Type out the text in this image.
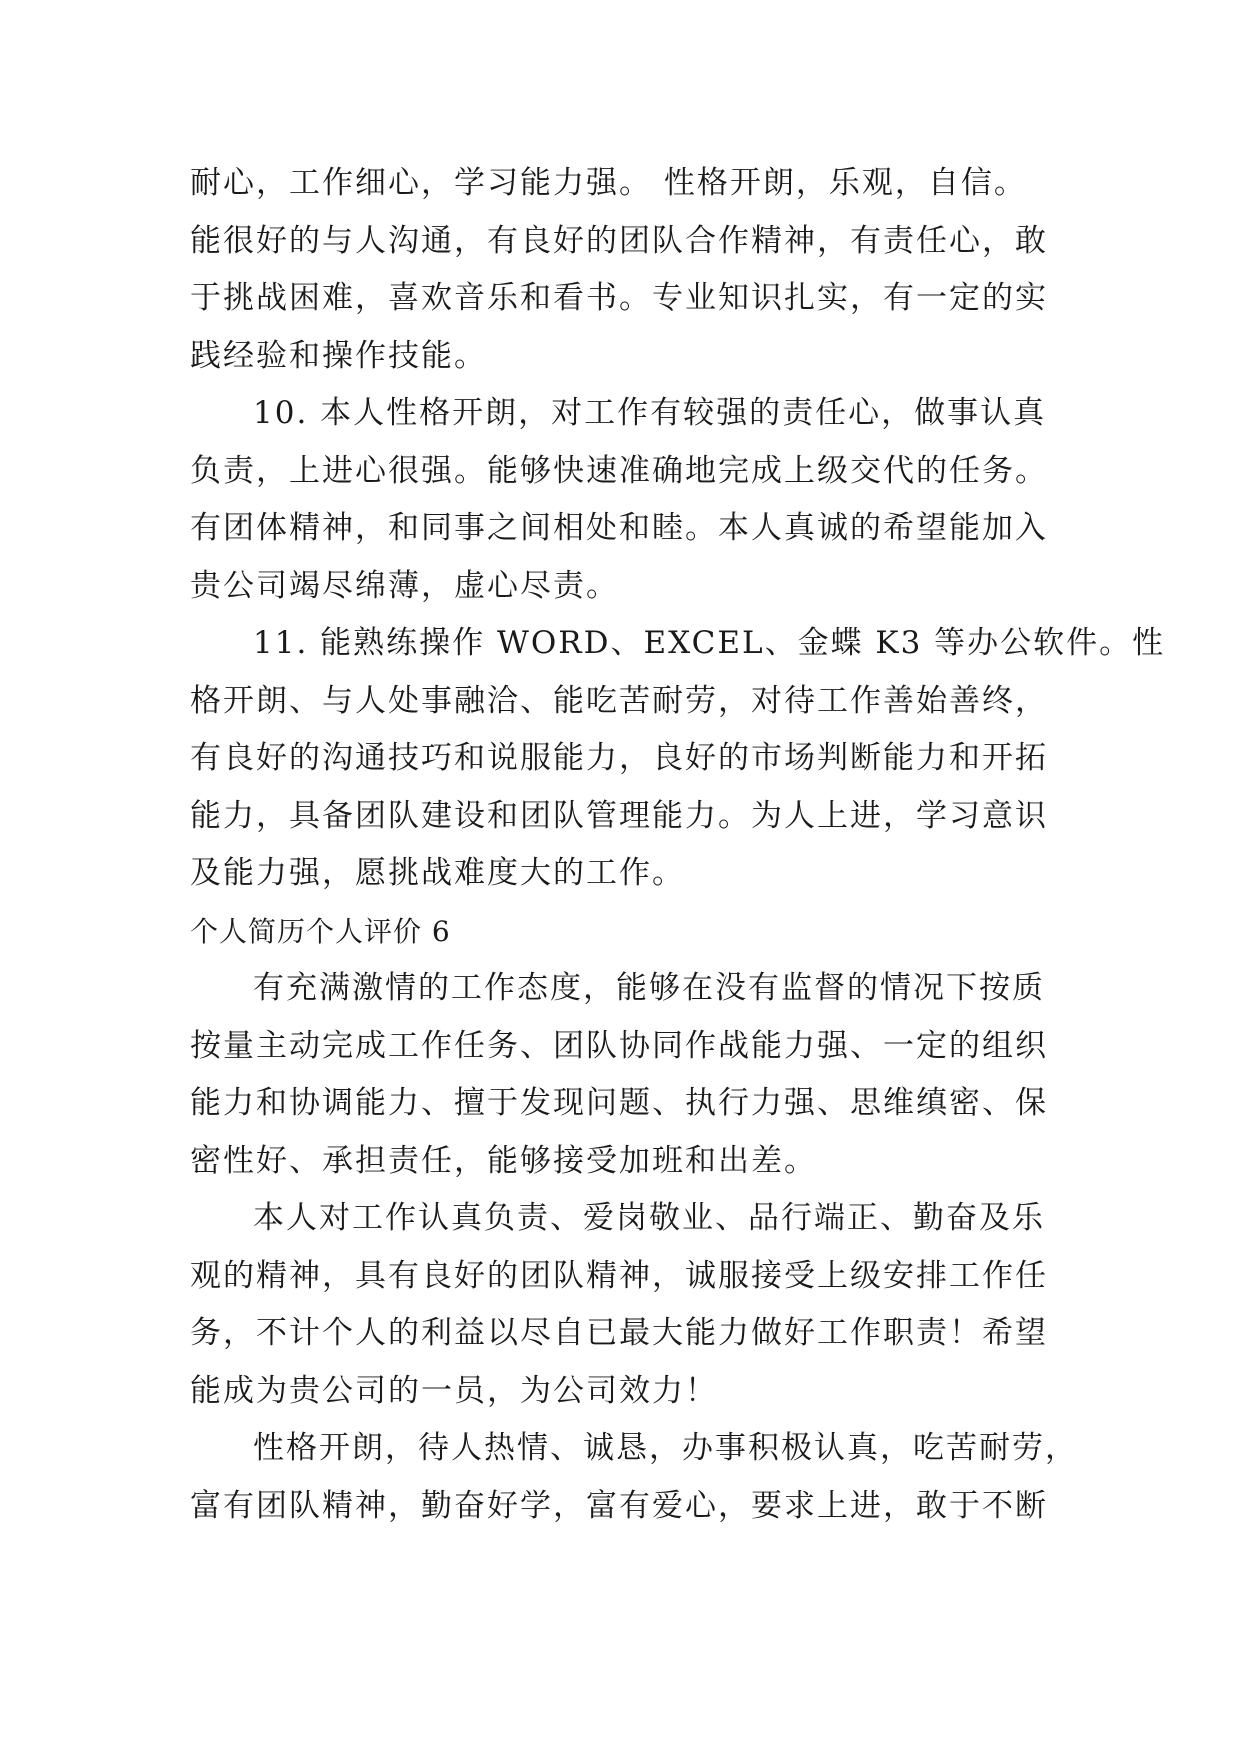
耐心，工作细心，学习能力强。 性格开朗，乐观，自信。
能很好的与人沟通，有良好的团队合作精神，有责任心，敢
于挑战困难，喜欢音乐和看书。专业知识扎实，有一定的实
践经验和操作技能。
10. 本人性格开朗，对工作有较强的责任心，做事认真
负责，上进心很强。能够快速准确地完成上级交代的任务。
有团体精神，和同事之间相处和睦。本人真诚的希望能加入
贵公司竭尽绵薄，虚心尽责。
11. 能熟练操作 WORD、EXCEL、金蝶 K3 等办公软件。性
格开朗、与人处事融洽、能吃苦耐劳，对待工作善始善终，
有良好的沟通技巧和说服能力，良好的市场判断能力和开拓
能力，具备团队建设和团队管理能力。为人上进，学习意识
及能力强，愿挑战难度大的工作。
个人简历个人评价 6
有充满激情的工作态度，能够在没有监督的情况下按质
按量主动完成工作任务、团队协同作战能力强、一定的组织
能力和协调能力、擅于发现问题、执行力强、思维缜密、保
密性好、承担责任，能够接受加班和出差。
本人对工作认真负责、爱岗敬业、品行端正、勤奋及乐
观的精神，具有良好的团队精神，诚服接受上级安排工作任
务，不计个人的利益以尽自已最大能力做好工作职责！希望
能成为贵公司的一员，为公司效力！
性格开朗，待人热情、诚恳，办事积极认真，吃苦耐劳，
富有团队精神，勤奋好学，富有爱心，要求上进，敢于不断
